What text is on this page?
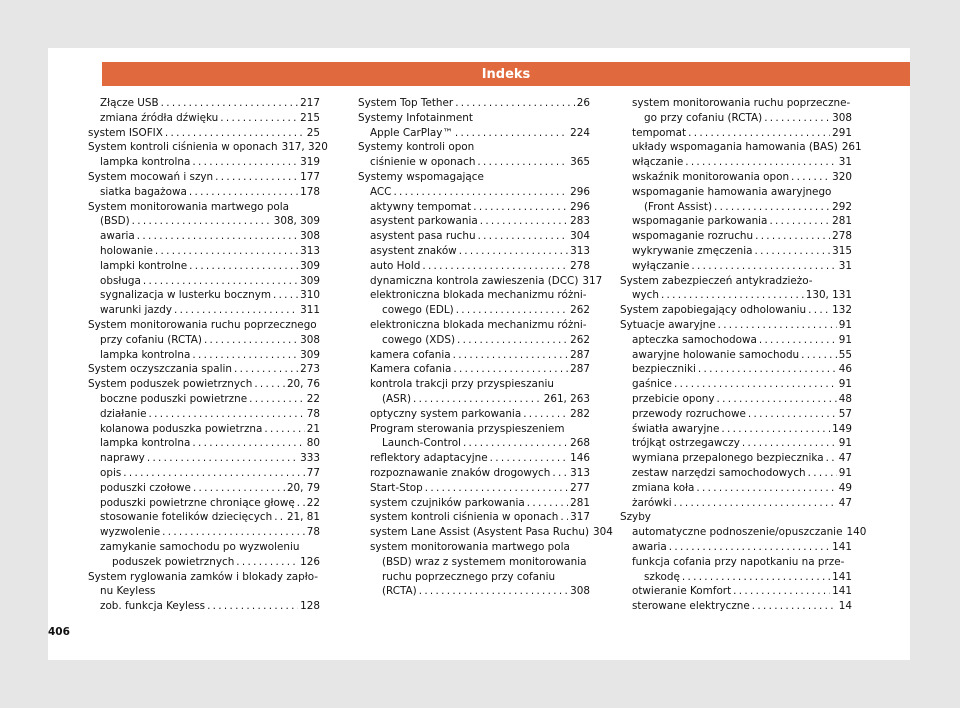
Indeks
Złącze USB . . .	217
zmiana źródła dźwięku . . .	215
system ISOFIX . . .	25
System kontroli ciśnienia w oponach 317, 320
lampka kontrolna . . .	319
System mocowań i szyn . . .	177
siatka bagażowa . . .	178
System monitorowania martwego pola
(BSD) . . .	308, 309
awaria . . .	308
holowanie . . .	313
lampki kontrolne . . .	309
obsługa . . .	309
sygnalizacja w lusterku bocznym . . .	310
warunki jazdy . . .	311
System monitorowania ruchu poprzecznego
przy cofaniu (RCTA) . . .	308
lampka kontrolna . . .	309
System oczyszczania spalin . . .	273
System poduszek powietrznych . . .	20, 76
boczne poduszki powietrzne . . .	22
działanie . . .	78
kolanowa poduszka powietrzna . . .	21
lampka kontrolna . . .	80
naprawy . . .	333
opis . . .	77
poduszki czołowe . . .	20, 79
poduszki powietrzne chroniące głowę . . . 22
stosowanie fotelików dziecięcych . . . 21, 81
wyzwolenie . . .	78
zamykanie samochodu po wyzwoleniu
poduszek powietrznych . . .	126
System ryglowania zamków i blokady zapło-
nu Keyless
zob. funkcja Keyless . . .	128
System Top Tether . . .	26
Systemy Infotainment
Apple CarPlay™ . . .	224
Systemy kontroli opon
ciśnienie w oponach . . .	365
Systemy wspomagające
ACC . . .	296
aktywny tempomat . . .	296
asystent parkowania . . .	283
asystent pasa ruchu . . .	304
asystent znaków . . .	313
auto Hold . . .	278
dynamiczna kontrola zawieszenia (DCC) 317
elektroniczna blokada mechanizmu różni-
cowego (EDL) . . .	262
elektroniczna blokada mechanizmu różni-
cowego (XDS) . . .	262
kamera cofania . . .	287
Kamera cofania . . .	287
kontrola trakcji przy przyspieszaniu
(ASR) . . .	261, 263
optyczny system parkowania . . .	282
Program sterowania przyspieszeniem
Launch-Control . . .	268
reflektory adaptacyjne . . .	146
rozpoznawanie znaków drogowych . . . 313
Start-Stop . . .	277
system czujników parkowania . . .	281
system kontroli ciśnienia w oponach . . . 317
system Lane Assist (Asystent Pasa Ruchu) 304
system monitorowania martwego pola
(BSD) wraz z systemem monitorowania
ruchu poprzecznego przy cofaniu
(RCTA) . . .	308
system monitorowania ruchu poprzeczne-
go przy cofaniu (RCTA) . . .	308
tempomat . . .	291
układy wspomagania hamowania (BAS) 261
włączanie . . .	31
wskaźnik monitorowania opon . . .	320
wspomaganie hamowania awaryjnego
(Front Assist) . . .	292
wspomaganie parkowania . . .	281
wspomaganie rozruchu . . .	278
wykrywanie zmęczenia . . .	315
wyłączanie . . .	31
System zabezpieczeń antykradzieżo-
wych . . .	130, 131
System zapobiegający odholowaniu . . .	132
Sytuacje awaryjne . . .	91
apteczka samochodowa . . .	91
awaryjne holowanie samochodu . . .	55
bezpieczniki . . .	46
gaśnice . . .	91
przebicie opony . . .	48
przewody rozruchowe . . .	57
światła awaryjne . . .	149
trójkąt ostrzegawczy . . .	91
wymiana przepalonego bezpiecznika . . . 47
zestaw narzędzi samochodowych . . .	91
zmiana koła . . .	49
żarówki . . .	47
Szyby
automatyczne podnoszenie/opuszczanie 140
awaria . . .	141
funkcja cofania przy napotkaniu na prze-
szkodę . . .	141
otwieranie Komfort . . .	141
sterowane elektryczne . . .	14
406
